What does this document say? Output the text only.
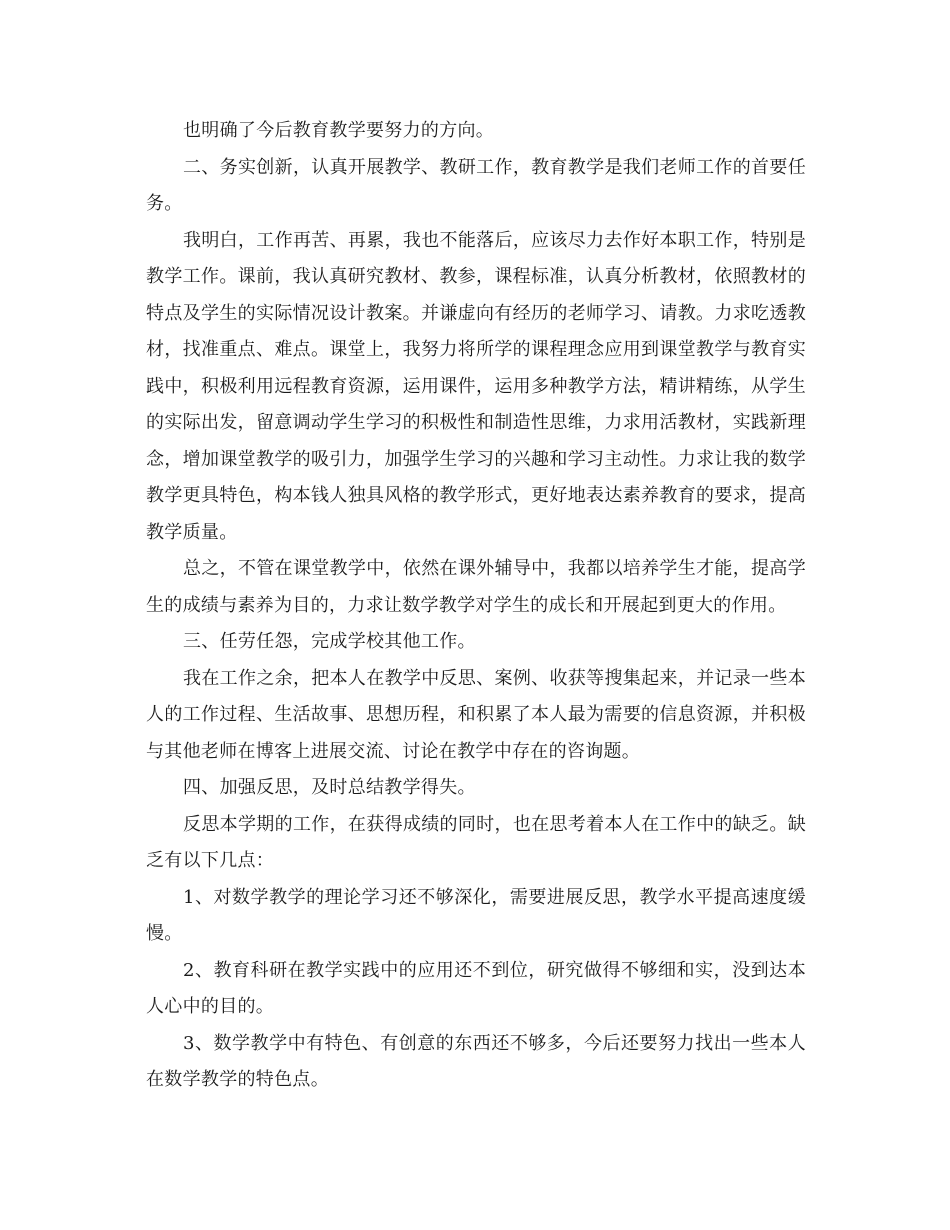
也明确了今后教育教学要努力的方向。

二、务实创新，认真开展教学、教研工作，教育教学是我们老师工作的首要任务。

我明白，工作再苦、再累，我也不能落后，应该尽力去作好本职工作，特别是教学工作。课前，我认真研究教材、教参，课程标准，认真分析教材，依照教材的特点及学生的实际情况设计教案。并谦虚向有经历的老师学习、请教。力求吃透教材，找准重点、难点。课堂上，我努力将所学的课程理念应用到课堂教学与教育实践中，积极利用远程教育资源，运用课件，运用多种教学方法，精讲精练，从学生的实际出发，留意调动学生学习的积极性和制造性思维，力求用活教材，实践新理念，增加课堂教学的吸引力，加强学生学习的兴趣和学习主动性。力求让我的数学教学更具特色，构本钱人独具风格的教学形式，更好地表达素养教育的要求，提高教学质量。

总之，不管在课堂教学中，依然在课外辅导中，我都以培养学生才能，提高学生的成绩与素养为目的，力求让数学教学对学生的成长和开展起到更大的作用。

三、任劳任怨，完成学校其他工作。

我在工作之余，把本人在教学中反思、案例、收获等搜集起来，并记录一些本人的工作过程、生活故事、思想历程，和积累了本人最为需要的信息资源，并积极与其他老师在博客上进展交流、讨论在教学中存在的咨询题。

四、加强反思，及时总结教学得失。

反思本学期的工作，在获得成绩的同时，也在思考着本人在工作中的缺乏。缺乏有以下几点：

1、对数学教学的理论学习还不够深化，需要进展反思，教学水平提高速度缓慢。

2、教育科研在教学实践中的应用还不到位，研究做得不够细和实，没到达本人心中的目的。

3、数学教学中有特色、有创意的东西还不够多，今后还要努力找出一些本人在数学教学的特色点。
